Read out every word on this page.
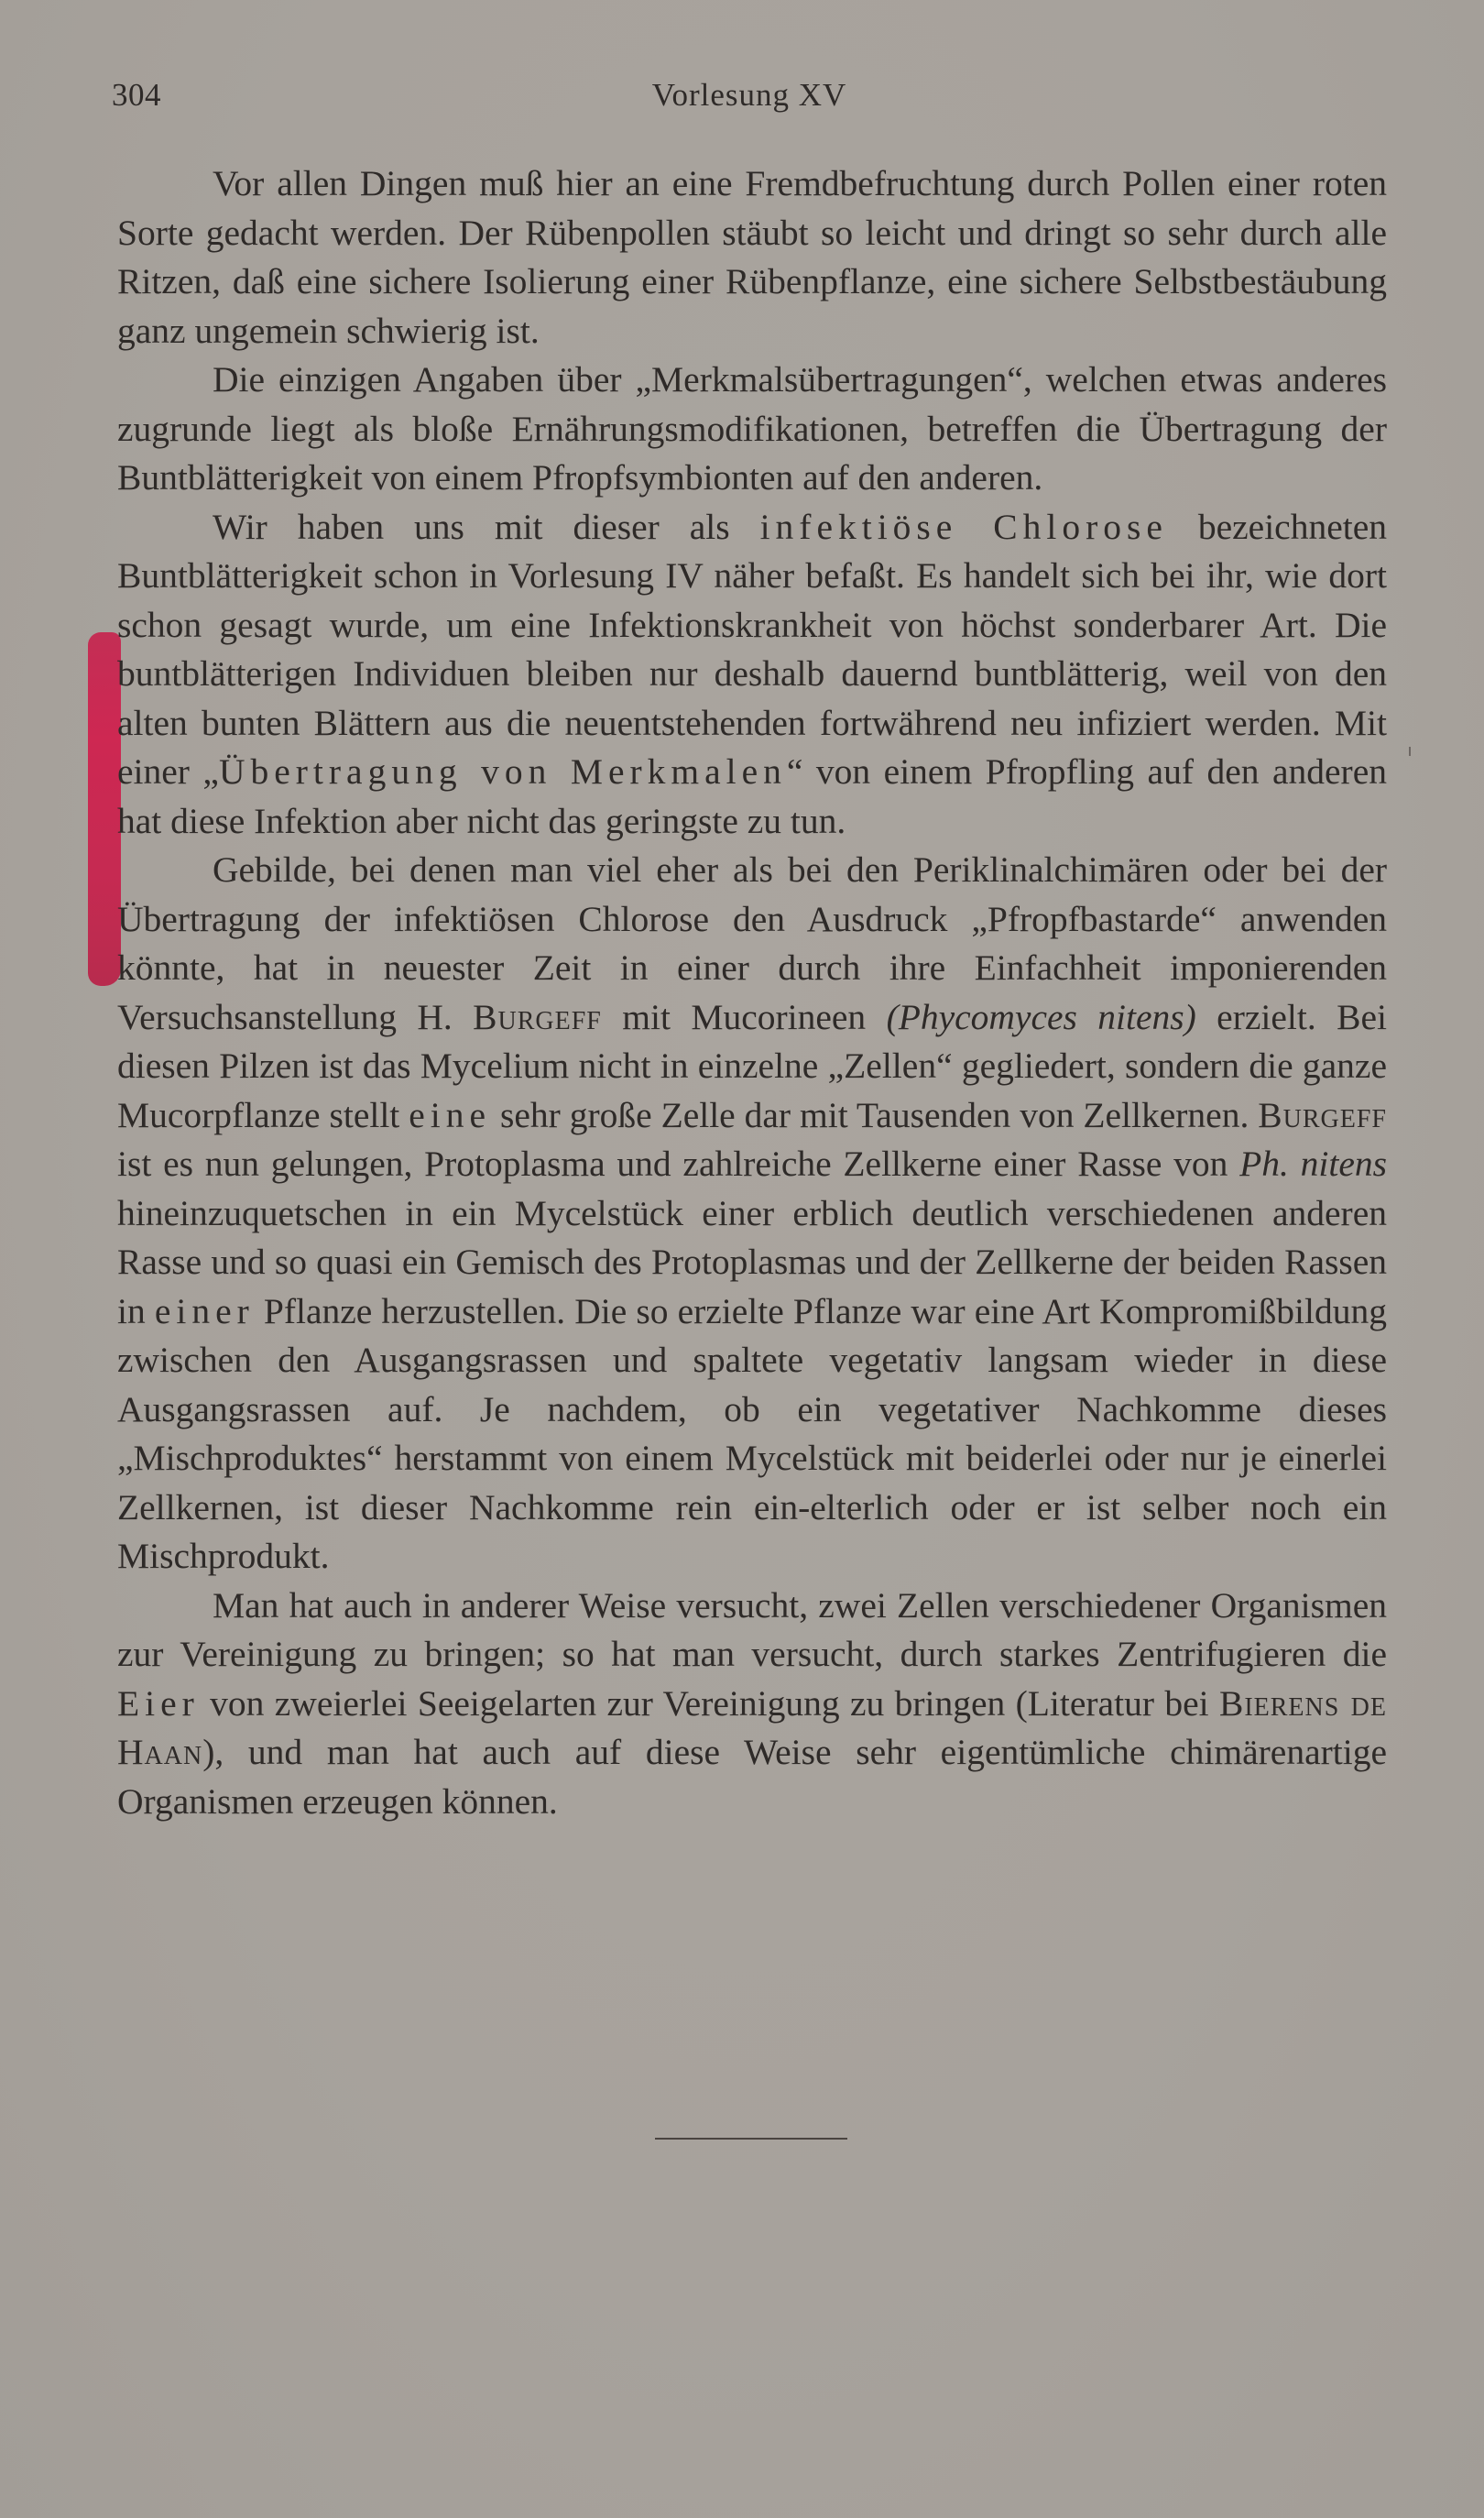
304	Vorlesung XV

Vor allen Dingen muß hier an eine Fremdbefruchtung durch Pollen einer roten Sorte gedacht werden. Der Rübenpollen stäubt so leicht und dringt so sehr durch alle Ritzen, daß eine sichere Isolierung einer Rübenpflanze, eine sichere Selbstbestäubung ganz ungemein schwierig ist.

Die einzigen Angaben über „Merkmalsübertragungen“, welchen etwas anderes zugrunde liegt als bloße Ernährungsmodifikationen, betreffen die Übertragung der Buntblätterigkeit von einem Pfropfsymbionten auf den anderen.

Wir haben uns mit dieser als infektiöse Chlorose bezeichneten Buntblätterigkeit schon in Vorlesung IV näher befaßt. Es handelt sich bei ihr, wie dort schon gesagt wurde, um eine Infektionskrankheit von höchst sonderbarer Art. Die buntblätterigen Individuen bleiben nur deshalb dauernd buntblätterig, weil von den alten bunten Blättern aus die neuentstehenden fortwährend neu infiziert werden. Mit einer „Übertragung von Merkmalen“ von einem Pfropfling auf den anderen hat diese Infektion aber nicht das geringste zu tun.

Gebilde, bei denen man viel eher als bei den Periklinalchimären oder bei der Übertragung der infektiösen Chlorose den Ausdruck „Pfropfbastarde“ anwenden könnte, hat in neuester Zeit in einer durch ihre Einfachheit imponierenden Versuchsanstellung H. Burgeff mit Mucorineen (Phycomyces nitens) erzielt. Bei diesen Pilzen ist das Mycelium nicht in einzelne „Zellen“ gegliedert, sondern die ganze Mucorpflanze stellt eine sehr große Zelle dar mit Tausenden von Zellkernen. Burgeff ist es nun gelungen, Protoplasma und zahlreiche Zellkerne einer Rasse von Ph. nitens hineinzuquetschen in ein Mycelstück einer erblich deutlich verschiedenen anderen Rasse und so quasi ein Gemisch des Protoplasmas und der Zellkerne der beiden Rassen in einer Pflanze herzustellen. Die so erzielte Pflanze war eine Art Kompromißbildung zwischen den Ausgangsrassen und spaltete vegetativ langsam wieder in diese Ausgangsrassen auf. Je nachdem, ob ein vegetativer Nachkomme dieses „Mischproduktes“ herstammt von einem Mycelstück mit beiderlei oder nur je einerlei Zellkernen, ist dieser Nachkomme rein ein-elterlich oder er ist selber noch ein Mischprodukt.

Man hat auch in anderer Weise versucht, zwei Zellen verschiedener Organismen zur Vereinigung zu bringen; so hat man versucht, durch starkes Zentrifugieren die Eier von zweierlei Seeigelarten zur Vereinigung zu bringen (Literatur bei Bierens de Haan), und man hat auch auf diese Weise sehr eigentümliche chimärenartige Organismen erzeugen können.
